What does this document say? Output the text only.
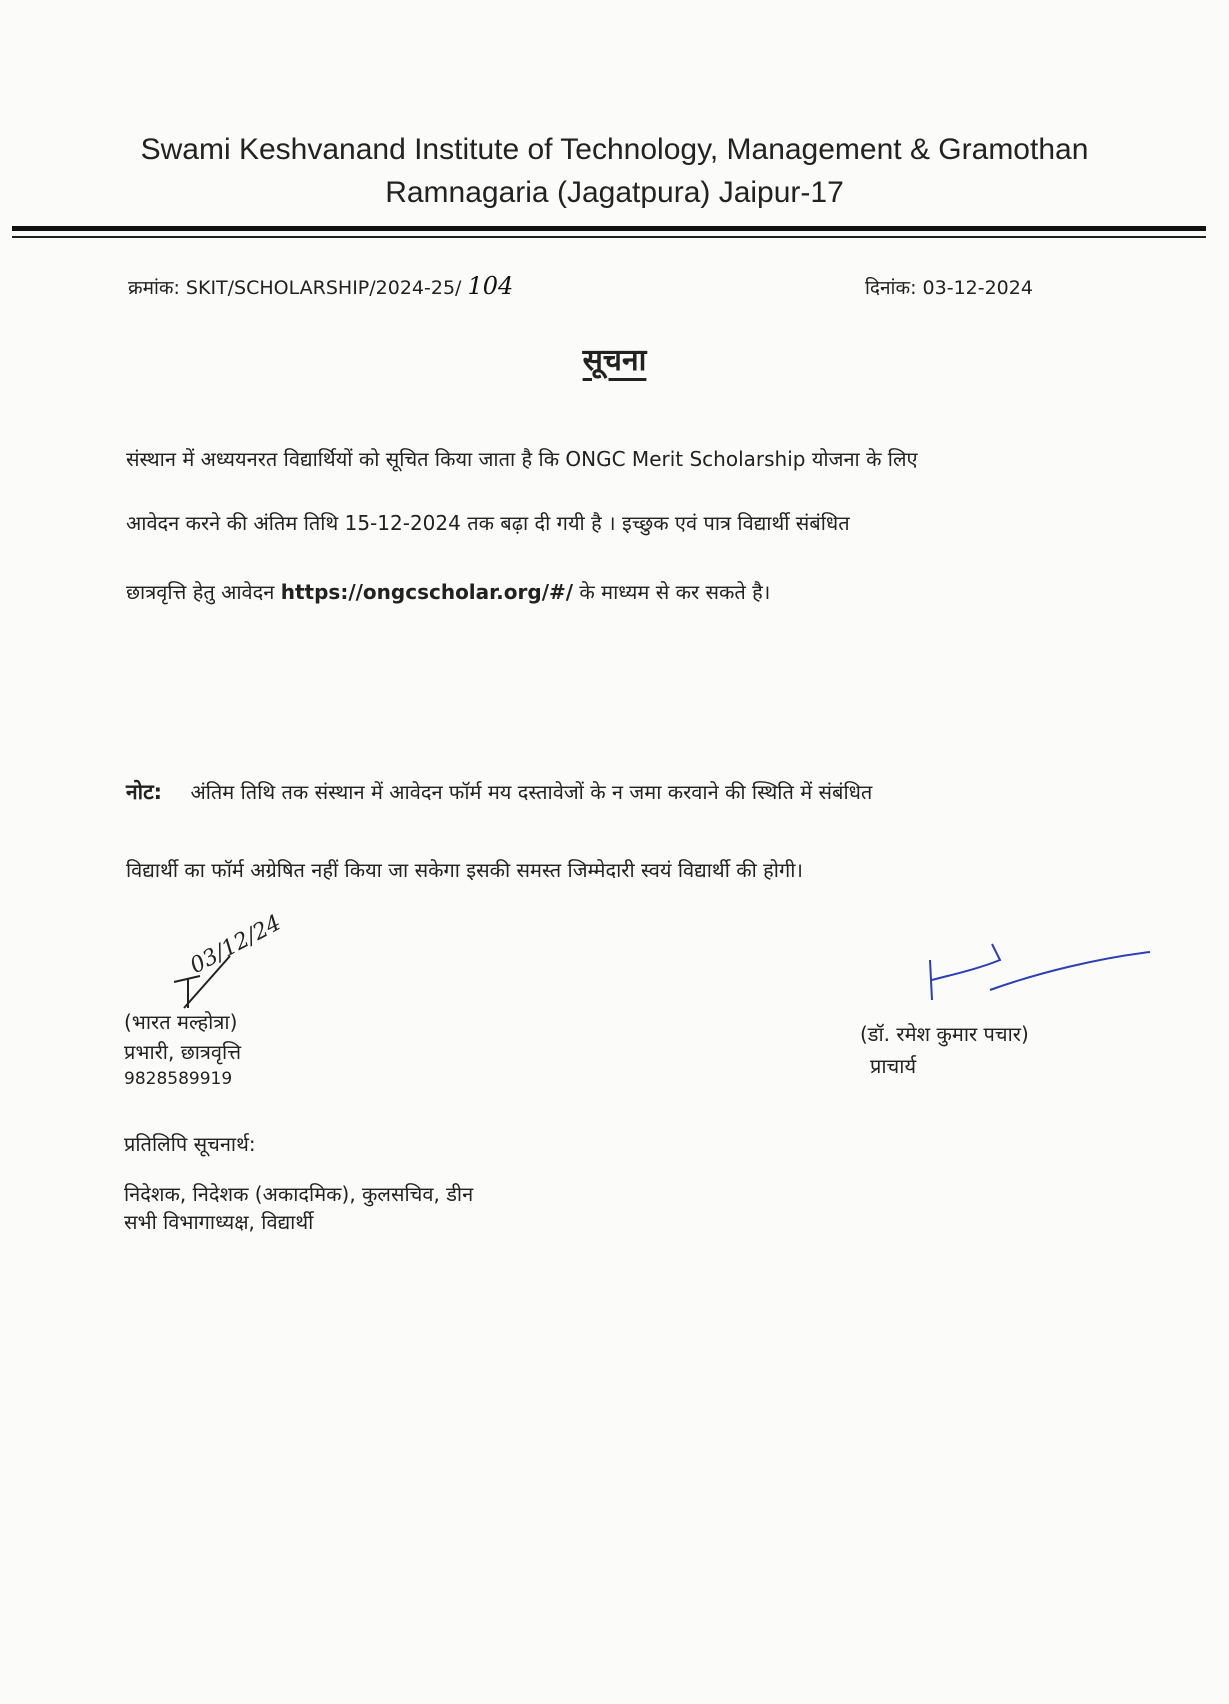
Swami Keshvanand Institute of Technology, Management & Gramothan
Ramnagaria (Jagatpura) Jaipur-17
क्रमांक: SKIT/SCHOLARSHIP/2024-25/ 104	दिनांक: 03-12-2024
सूचना
संस्थान में अध्ययनरत विद्यार्थियों को सूचित किया जाता है कि ONGC Merit Scholarship योजना के लिए
आवेदन करने की अंतिम तिथि 15-12-2024 तक बढ़ा दी गयी है । इच्छुक एवं पात्र विद्यार्थी संबंधित
छात्रवृत्ति हेतु आवेदन https://ongcscholar.org/#/ के माध्यम से कर सकते है।
नोट: अंतिम तिथि तक संस्थान में आवेदन फॉर्म मय दस्तावेजों के न जमा करवाने की स्थिति में संबंधित
विद्यार्थी का फॉर्म अग्रेषित नहीं किया जा सकेगा इसकी समस्त जिम्मेदारी स्वयं विद्यार्थी की होगी।
03/12/24
(भारत मल्होत्रा)
प्रभारी, छात्रवृत्ति
9828589919
(डॉ. रमेश कुमार पचार)
प्राचार्य
प्रतिलिपि सूचनार्थ:
निदेशक, निदेशक (अकादमिक), कुलसचिव, डीन
सभी विभागाध्यक्ष, विद्यार्थी
